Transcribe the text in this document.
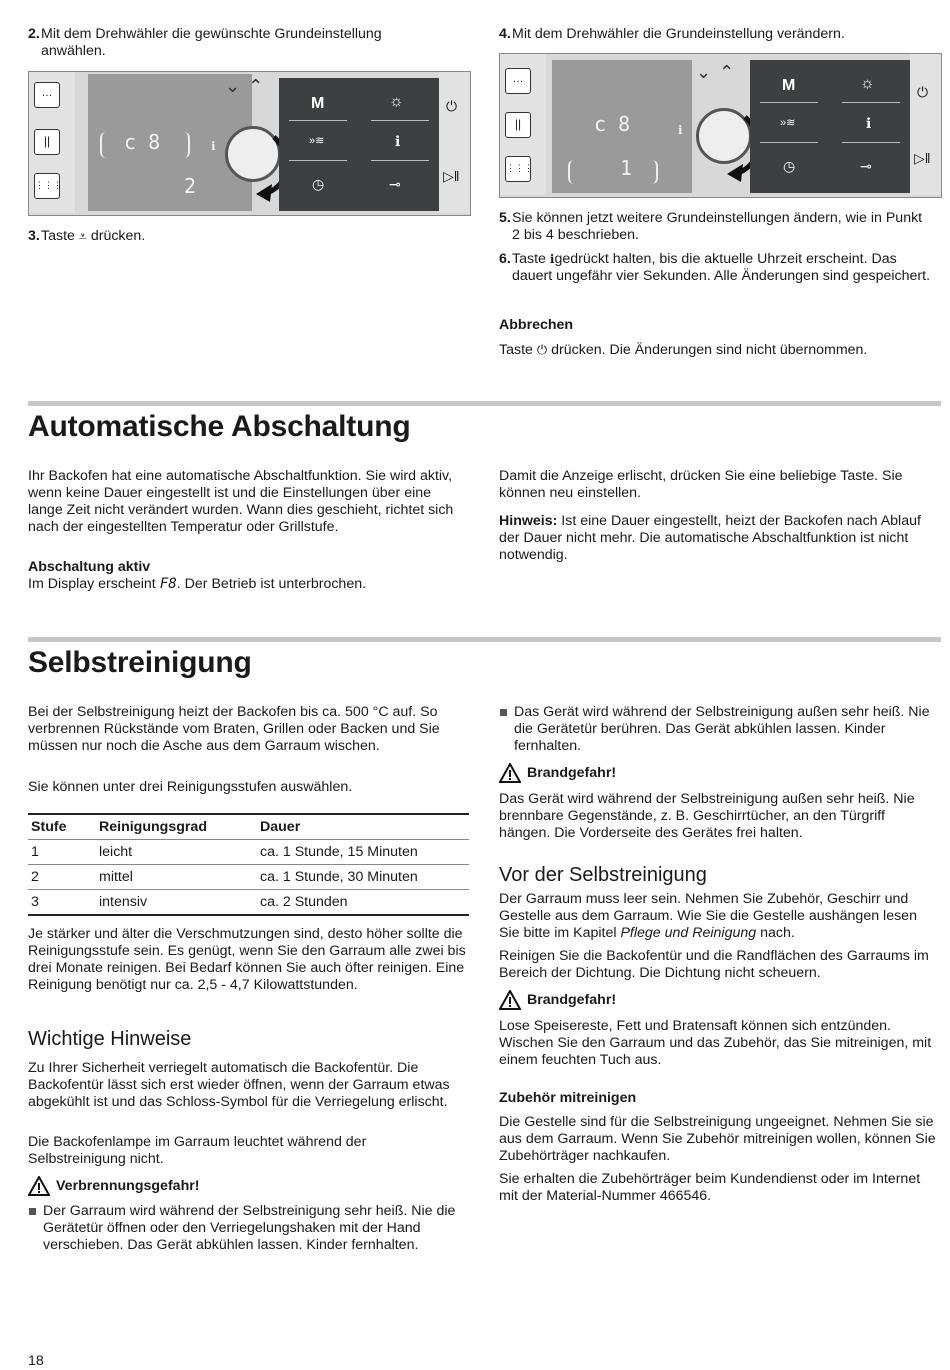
2. Mit dem Drehwähler die gewünschte Grundeinstellung anwählen.
…
||
⋮⋮⋮
c 8
2
ℹ
⌄⌃
M	☼
»≋	ℹ
◷	⊸
⏻
▷‖
3. Taste ⩡ drücken.
4. Mit dem Drehwähler die Grundeinstellung verändern.
…
||
⋮⋮⋮
c 8
1
ℹ
⌄⌃
M	☼
»≋	ℹ
◷	⊸
⏻
▷‖
5. Sie können jetzt weitere Grundeinstellungen ändern, wie in Punkt 2 bis 4 beschrieben.
6. Taste ℹgedrückt halten, bis die aktuelle Uhrzeit erscheint. Das dauert ungefähr vier Sekunden. Alle Änderungen sind gespeichert.
Abbrechen
Taste ⏻ drücken. Die Änderungen sind nicht übernommen.
Automatische Abschaltung

Ihr Backofen hat eine automatische Abschaltfunktion. Sie wird aktiv, wenn keine Dauer eingestellt ist und die Einstellungen über eine lange Zeit nicht verändert wurden. Wann dies geschieht, richtet sich nach der eingestellten Temperatur oder Grillstufe.

Abschaltung aktiv
Im Display erscheint F8. Der Betrieb ist unterbrochen.

Damit die Anzeige erlischt, drücken Sie eine beliebige Taste. Sie können neu einstellen.

Hinweis: Ist eine Dauer eingestellt, heizt der Backofen nach Ablauf der Dauer nicht mehr. Die automatische Abschaltfunktion ist nicht notwendig.

Selbstreinigung

Bei der Selbstreinigung heizt der Backofen bis ca. 500 °C auf. So verbrennen Rückstände vom Braten, Grillen oder Backen und Sie müssen nur noch die Asche aus dem Garraum wischen.

Sie können unter drei Reinigungsstufen auswählen.

Stufe	Reinigungsgrad	Dauer
1	leicht	ca. 1 Stunde, 15 Minuten
2	mittel	ca. 1 Stunde, 30 Minuten
3	intensiv	ca. 2 Stunden

Je stärker und älter die Verschmutzungen sind, desto höher sollte die Reinigungsstufe sein. Es genügt, wenn Sie den Garraum alle zwei bis drei Monate reinigen. Bei Bedarf können Sie auch öfter reinigen. Eine Reinigung benötigt nur ca. 2,5 - 4,7 Kilowattstunden.

Wichtige Hinweise

Zu Ihrer Sicherheit verriegelt automatisch die Backofentür. Die Backofentür lässt sich erst wieder öffnen, wenn der Garraum etwas abgekühlt ist und das Schloss-Symbol für die Verriegelung erlischt.

Die Backofenlampe im Garraum leuchtet während der Selbstreinigung nicht.

Verbrennungsgefahr!
Der Garraum wird während der Selbstreinigung sehr heiß. Nie die Gerätetür öffnen oder den Verriegelungshaken mit der Hand verschieben. Das Gerät abkühlen lassen. Kinder fernhalten.
Das Gerät wird während der Selbstreinigung außen sehr heiß. Nie die Gerätetür berühren. Das Gerät abkühlen lassen. Kinder fernhalten.
Brandgefahr!

Das Gerät wird während der Selbstreinigung außen sehr heiß. Nie brennbare Gegenstände, z. B. Geschirrtücher, an den Türgriff hängen. Die Vorderseite des Gerätes frei halten.

Vor der Selbstreinigung

Der Garraum muss leer sein. Nehmen Sie Zubehör, Geschirr und Gestelle aus dem Garraum. Wie Sie die Gestelle aushängen lesen Sie bitte im Kapitel Pflege und Reinigung nach.

Reinigen Sie die Backofentür und die Randflächen des Garraums im Bereich der Dichtung. Die Dichtung nicht scheuern.

Brandgefahr!

Lose Speisereste, Fett und Bratensaft können sich entzünden. Wischen Sie den Garraum und das Zubehör, das Sie mitreinigen, mit einem feuchten Tuch aus.

Zubehör mitreinigen

Die Gestelle sind für die Selbstreinigung ungeeignet. Nehmen Sie sie aus dem Garraum. Wenn Sie Zubehör mitreinigen wollen, können Sie Zubehörträger nachkaufen.

Sie erhalten die Zubehörträger beim Kundendienst oder im Internet mit der Material-Nummer 466546.

18
